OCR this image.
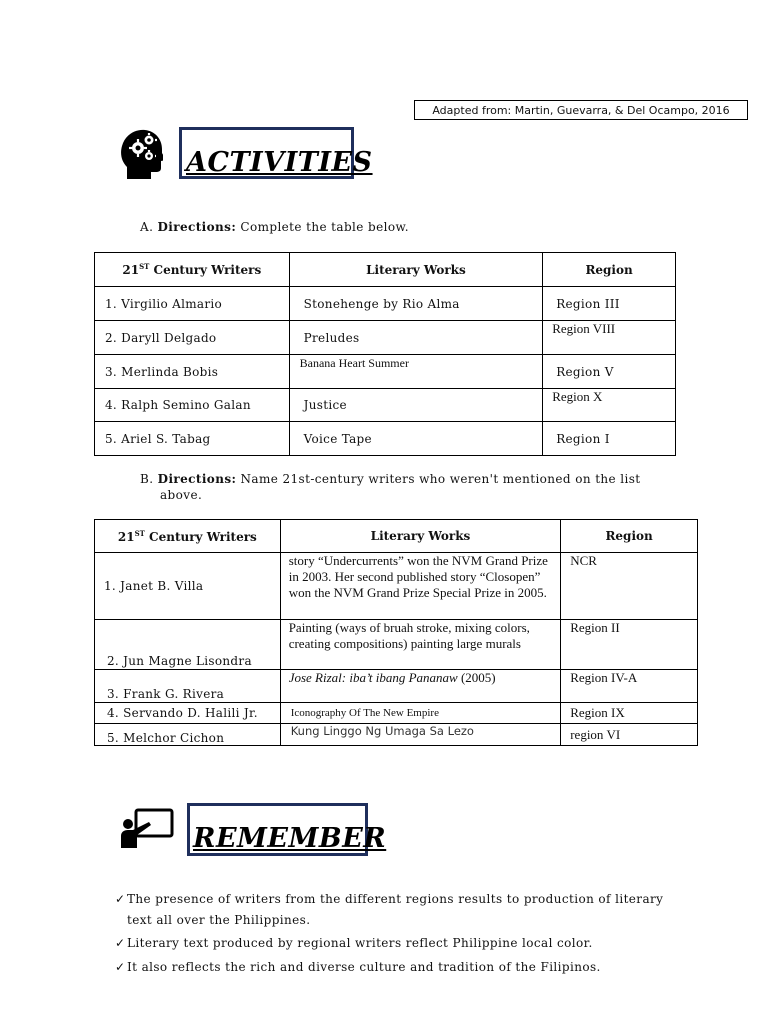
Adapted from: Martin, Guevarra, & Del Ocampo, 2016
ACTIVITIES
A. Directions: Complete the table below.
21ST Century Writers	Literary Works	Region
1. Virgilio Almario	Stonehenge by Rio Alma	Region III
2. Daryll Delgado	Preludes	Region VIII
3. Merlinda Bobis	Banana Heart Summer	Region V
4. Ralph Semino Galan	Justice	Region X
5. Ariel S. Tabag	Voice Tape	Region I
B. Directions: Name 21st-century writers who weren't mentioned on the list
above.
21ST Century Writers	Literary Works	Region
1. Janet B. Villa	story “Undercurrents” won the NVM Grand Prize in 2003. Her second published story “Closopen” won the NVM Grand Prize Special Prize in 2005.	NCR
2. Jun Magne Lisondra	Painting (ways of bruah stroke, mixing colors, creating compositions) painting large murals	Region II
3. Frank G. Rivera	Jose Rizal: iba’t ibang Pananaw (2005)	Region IV-A
4. Servando D. Halili Jr.	Iconography Of The New Empire	Region IX
5. Melchor Cichon	Kung Linggo Ng Umaga Sa Lezo	region VI
REMEMBER
✓ The presence of writers from the different regions results to production of literary
text all over the Philippines.
✓ Literary text produced by regional writers reflect Philippine local color.
✓ It also reflects the rich and diverse culture and tradition of the Filipinos.
